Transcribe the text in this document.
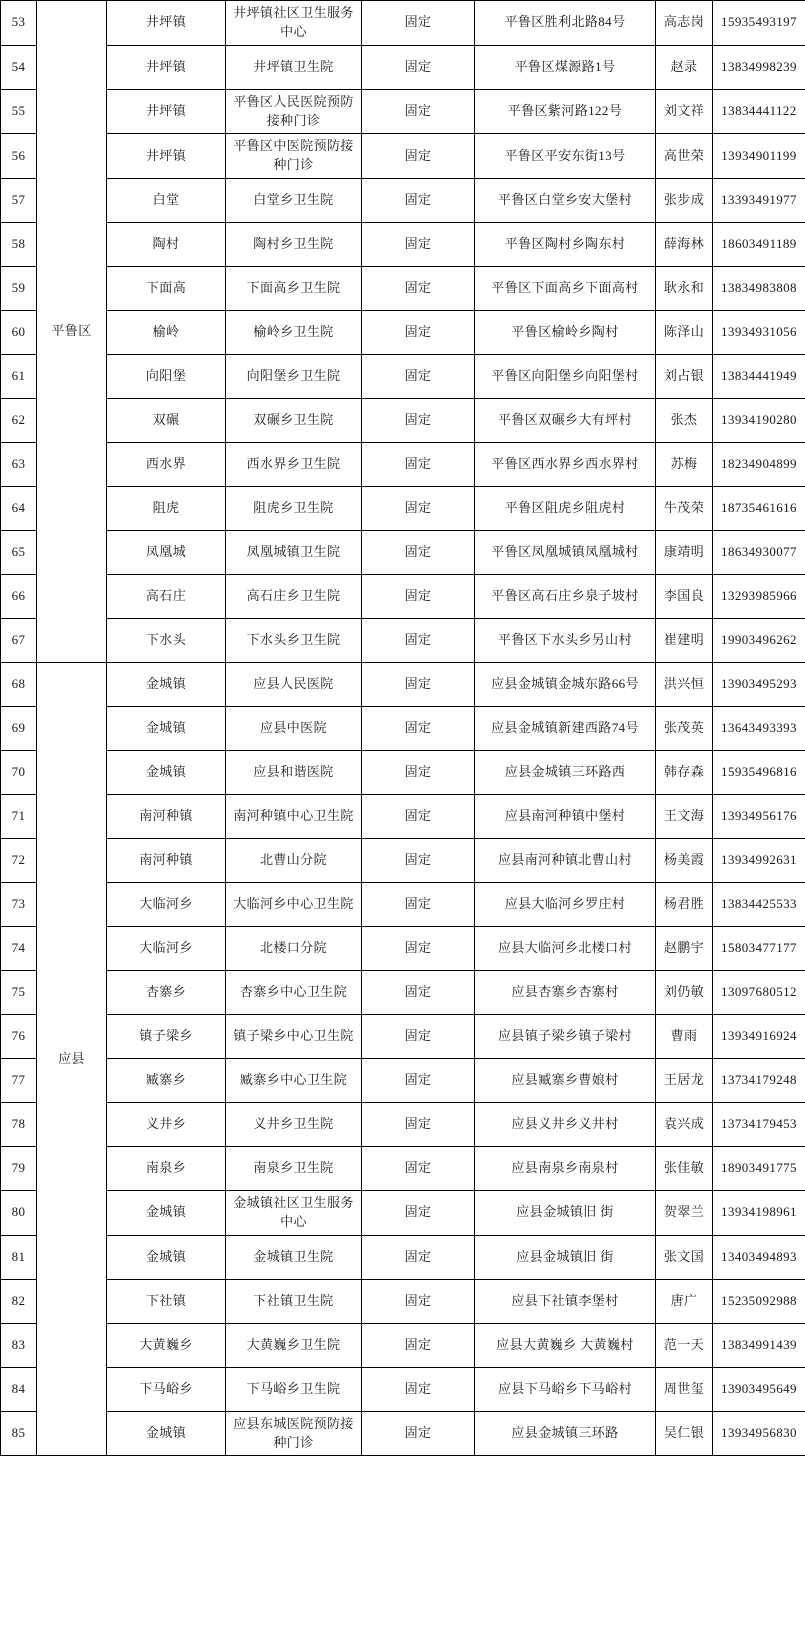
53	平鲁区	井坪镇	井坪镇社区卫生服务中心	固定	平鲁区胜利北路84号	高志岗	15935493197
54		井坪镇	井坪镇卫生院	固定	平鲁区煤源路1号	赵录	13834998239
55		井坪镇	平鲁区人民医院预防接种门诊	固定	平鲁区紫河路122号	刘文祥	13834441122
56		井坪镇	平鲁区中医院预防接种门诊	固定	平鲁区平安东街13号	高世荣	13934901199
57		白堂	白堂乡卫生院	固定	平鲁区白堂乡安大堡村	张步成	13393491977
58		陶村	陶村乡卫生院	固定	平鲁区陶村乡陶东村	薛海林	18603491189
59		下面高	下面高乡卫生院	固定	平鲁区下面高乡下面高村	耿永和	13834983808
60		榆岭	榆岭乡卫生院	固定	平鲁区榆岭乡陶村	陈泽山	13934931056
61		向阳堡	向阳堡乡卫生院	固定	平鲁区向阳堡乡向阳堡村	刘占银	13834441949
62		双碾	双碾乡卫生院	固定	平鲁区双碾乡大有坪村	张杰	13934190280
63		西水界	西水界乡卫生院	固定	平鲁区西水界乡西水界村	苏梅	18234904899
64		阻虎	阻虎乡卫生院	固定	平鲁区阻虎乡阻虎村	牛茂荣	18735461616
65		凤凰城	凤凰城镇卫生院	固定	平鲁区凤凰城镇凤凰城村	康靖明	18634930077
66		高石庄	高石庄乡卫生院	固定	平鲁区高石庄乡泉子坡村	李国良	13293985966
67		下水头	下水头乡卫生院	固定	平鲁区下水头乡另山村	崔建明	19903496262
68	应县	金城镇	应县人民医院	固定	应县金城镇金城东路66号	洪兴恒	13903495293
69		金城镇	应县中医院	固定	应县金城镇新建西路74号	张茂英	13643493393
70		金城镇	应县和谐医院	固定	应县金城镇三环路西	韩存森	15935496816
71		南河种镇	南河种镇中心卫生院	固定	应县南河种镇中堡村	王文海	13934956176
72		南河种镇	北曹山分院	固定	应县南河种镇北曹山村	杨美霞	13934992631
73		大临河乡	大临河乡中心卫生院	固定	应县大临河乡罗庄村	杨君胜	13834425533
74		大临河乡	北楼口分院	固定	应县大临河乡北楼口村	赵鹏宇	15803477177
75		杏寨乡	杏寨乡中心卫生院	固定	应县杏寨乡杏寨村	刘仍敏	13097680512
76		镇子梁乡	镇子梁乡中心卫生院	固定	应县镇子梁乡镇子梁村	曹雨	13934916924
77		臧寨乡	臧寨乡中心卫生院	固定	应县臧寨乡曹娘村	王居龙	13734179248
78		义井乡	义井乡卫生院	固定	应县义井乡义井村	袁兴成	13734179453
79		南泉乡	南泉乡卫生院	固定	应县南泉乡南泉村	张佳敏	18903491775
80		金城镇	金城镇社区卫生服务中心	固定	应县金城镇旧 街	贺翠兰	13934198961
81		金城镇	金城镇卫生院	固定	应县金城镇旧 街	张文国	13403494893
82		下社镇	下社镇卫生院	固定	应县下社镇李堡村	唐广	15235092988
83		大黄巍乡	大黄巍乡卫生院	固定	应县大黄巍乡 大黄巍村	范一天	13834991439
84		下马峪乡	下马峪乡卫生院	固定	应县下马峪乡下马峪村	周世玺	13903495649
85		金城镇	应县东城医院预防接种门诊	固定	应县金城镇三环路	吴仁银	13934956830
